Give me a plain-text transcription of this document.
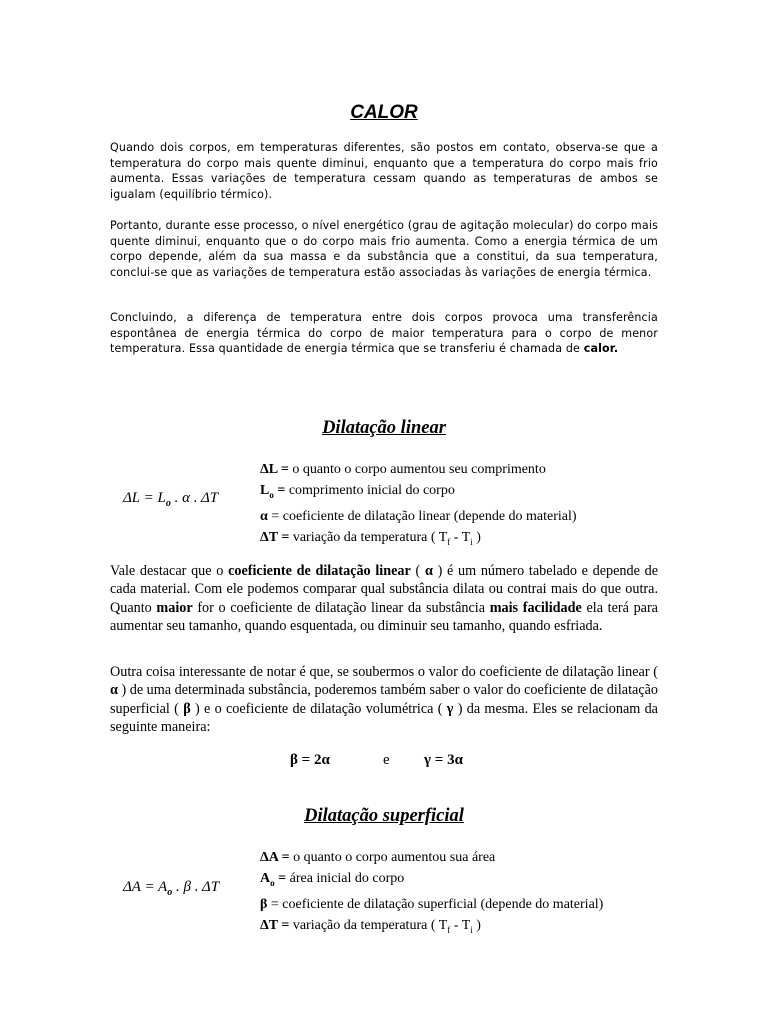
CALOR

Quando dois corpos, em temperaturas diferentes, são postos em contato, observa-se que a temperatura do corpo mais quente diminui, enquanto que a temperatura do corpo mais frio aumenta. Essas variações de temperatura cessam quando as temperaturas de ambos se igualam (equilíbrio térmico).

Portanto, durante esse processo, o nível energético (grau de agitação molecular) do corpo mais quente diminui, enquanto que o do corpo mais frio aumenta. Como a energia térmica de um corpo depende, além da sua massa e da substância que a constitui, da sua temperatura, conclui-se que as variações de temperatura estão associadas às variações de energia térmica.

Concluindo, a diferença de temperatura entre dois corpos provoca uma transferência espontânea de energia térmica do corpo de maior temperatura para o corpo de menor temperatura. Essa quantidade de energia térmica que se transferiu é chamada de calor.

Dilatação linear
$\Delta L = L_o$ . α . ΔT
ΔL = o quanto o corpo aumentou seu comprimento
$L_o$ = comprimento inicial do corpo
α = coeficiente de dilatação linear (depende do material)
ΔT = variação da temperatura ( $T_f - T_i$ )

Vale destacar que o coeficiente de dilatação linear ( α ) é um número tabelado e depende de cada material. Com ele podemos comparar qual substância dilata ou contrai mais do que outra. Quanto maior for o coeficiente de dilatação linear da substância mais facilidade ela terá para aumentar seu tamanho, quando esquentada, ou diminuir seu tamanho, quando esfriada.

Outra coisa interessante de notar é que, se soubermos o valor do coeficiente de dilatação linear ( α ) de uma determinada substância, poderemos também saber o valor do coeficiente de dilatação superficial ( β ) e o coeficiente de dilatação volumétrica ( γ ) da mesma. Eles se relacionam da seguinte maneira:

β = 2α	e γ = 3α
Dilatação superficial
$\Delta A = A_o$ . β . ΔT
ΔA = o quanto o corpo aumentou sua área
$A_o$ = área inicial do corpo
β = coeficiente de dilatação superficial (depende do material)
ΔT = variação da temperatura ( $T_f - T_i$ )
